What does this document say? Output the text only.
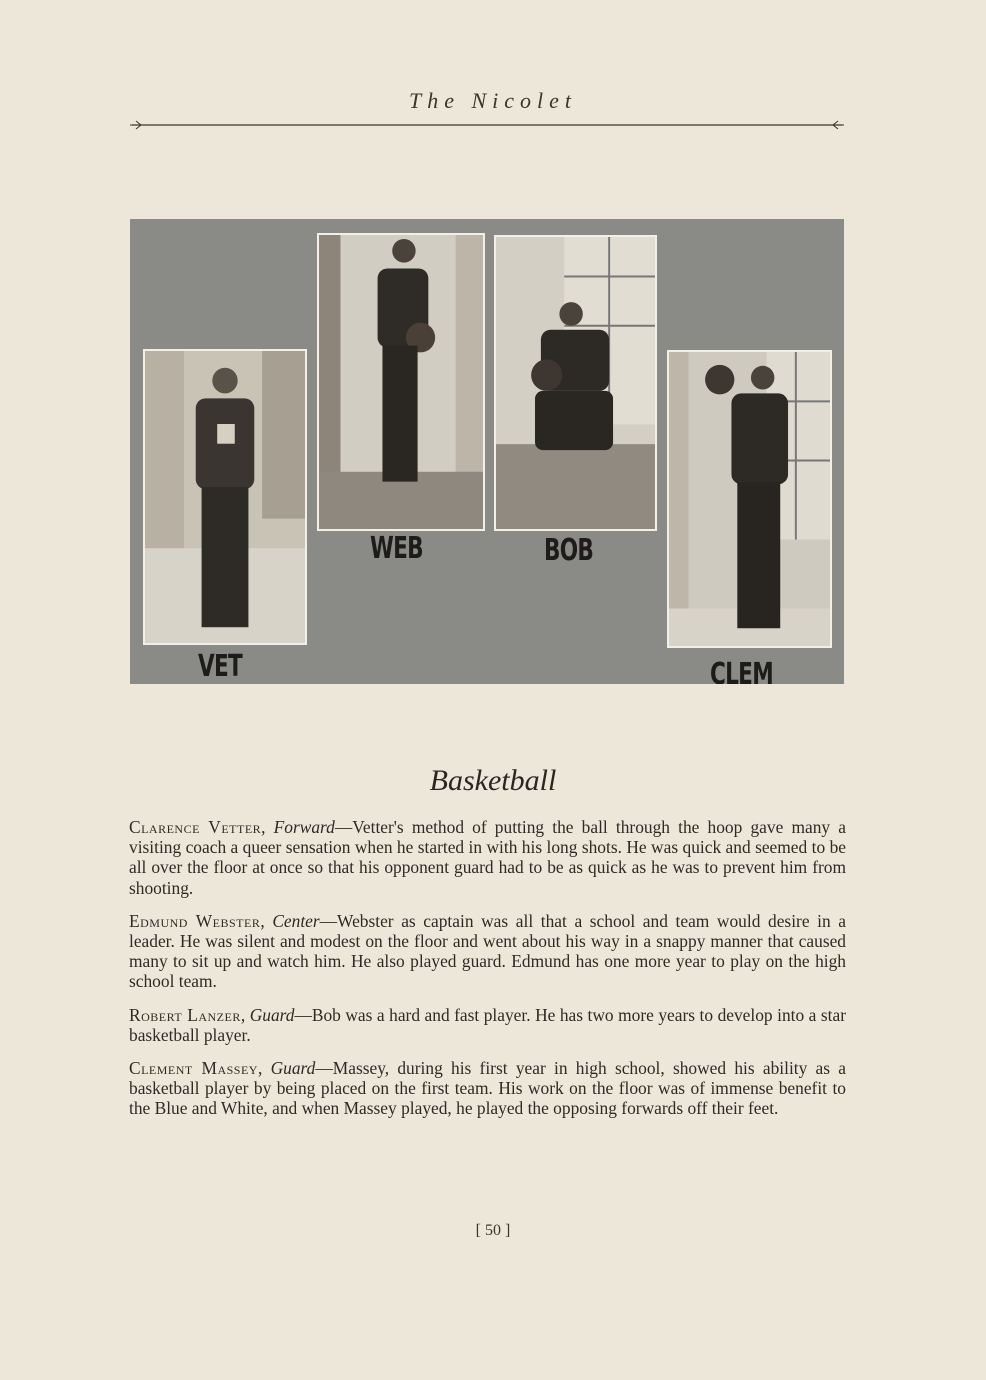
The Nicolet
VET
WEB	BOB
CLEM
Basketball

Clarence Vetter, Forward—Vetter's method of putting the ball through the hoop gave many a visiting coach a queer sensation when he started in with his long shots. He was quick and seemed to be all over the floor at once so that his opponent guard had to be as quick as he was to prevent him from shooting.

Edmund Webster, Center—Webster as captain was all that a school and team would desire in a leader. He was silent and modest on the floor and went about his way in a snappy manner that caused many to sit up and watch him. He also played guard. Edmund has one more year to play on the high school team.

Robert Lanzer, Guard—Bob was a hard and fast player. He has two more years to develop into a star basketball player.

Clement Massey, Guard—Massey, during his first year in high school, showed his ability as a basketball player by being placed on the first team. His work on the floor was of immense benefit to the Blue and White, and when Massey played, he played the opposing forwards off their feet.

[ 50 ]
